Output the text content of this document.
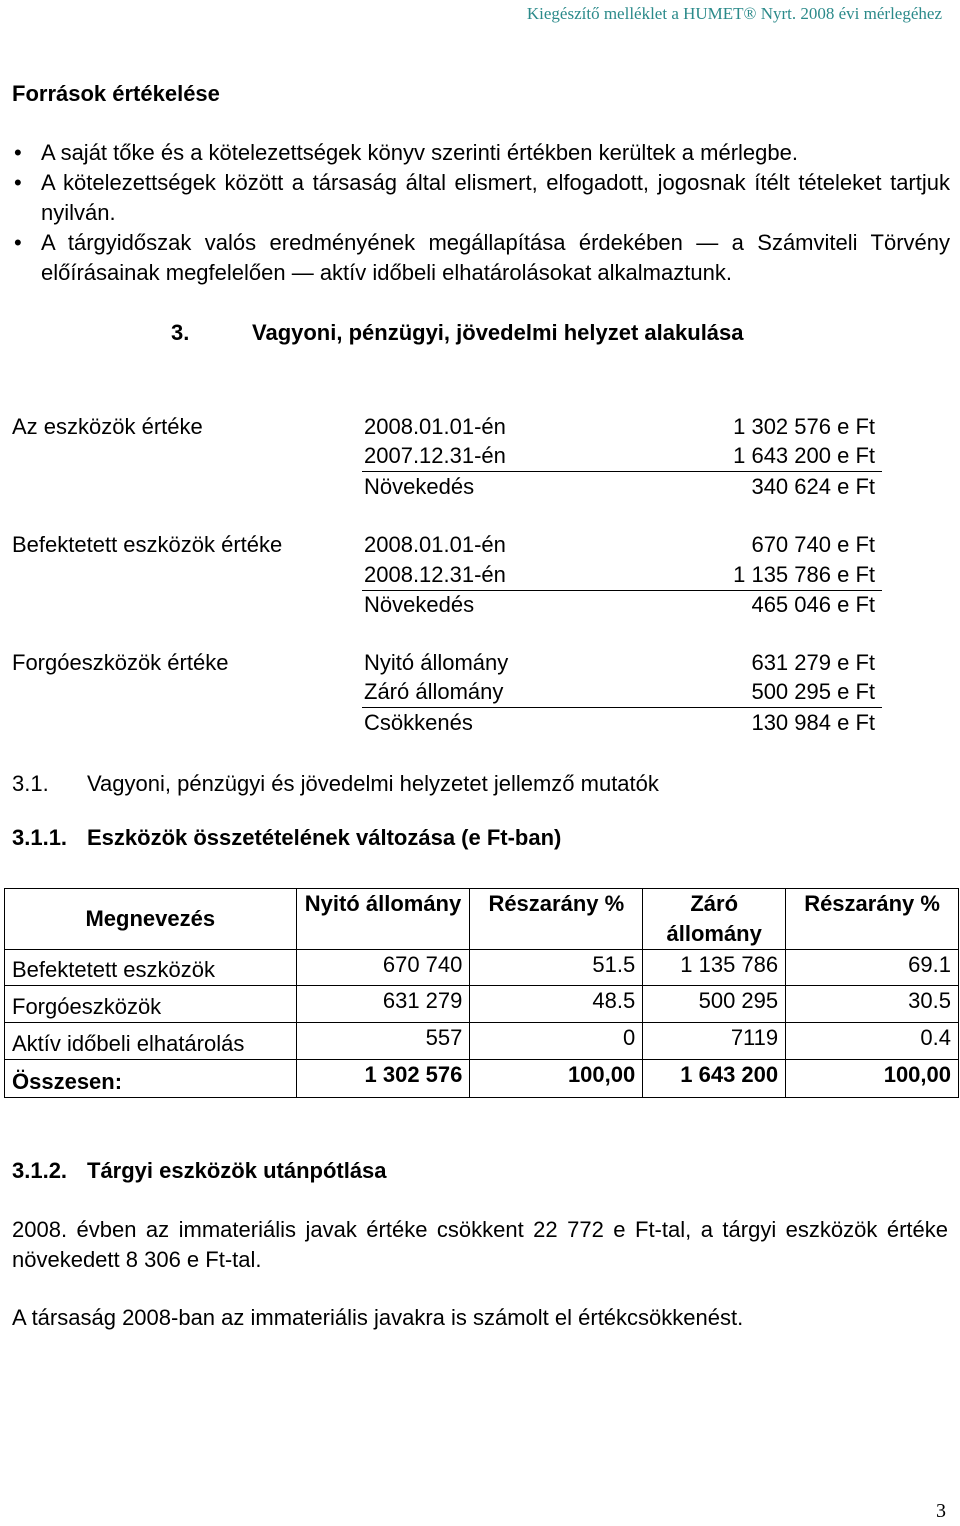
Kiegészítő melléklet a HUMET® Nyrt. 2008 évi mérlegéhez
Források értékelése
• A saját tőke és a kötelezettségek könyv szerinti értékben kerültek a mérlegbe.
• A kötelezettségek között a társaság által elismert, elfogadott, jogosnak ítélt tételeket tartjuk nyilván.
• A tárgyidőszak valós eredményének megállapítása érdekében — a Számviteli Törvény előírásainak megfelelően — aktív időbeli elhatárolásokat alkalmaztunk.
3.	Vagyoni, pénzügyi, jövedelmi helyzet alakulása
Az eszközök értéke	2008.01.01-én	1 302 576 e Ft
2007.12.31-én	1 643 200 e Ft
Növekedés	340 624 e Ft
Befektetett eszközök értéke	2008.01.01-én	670 740 e Ft
2008.12.31-én	1 135 786 e Ft
Növekedés	465 046 e Ft
Forgóeszközök értéke	Nyitó állomány	631 279 e Ft
Záró állomány	500 295 e Ft
Csökkenés	130 984 e Ft
3.1. Vagyoni, pénzügyi és jövedelmi helyzetet jellemző mutatók
3.1.1. Eszközök összetételének változása (e Ft-ban)
Megnevezés	Nyitó állomány	Részarány %	Záró állomány	Részarány %
Befektetett eszközök	670 740	51.5	1 135 786	69.1
Forgóeszközök	631 279	48.5	500 295	30.5
Aktív időbeli elhatárolás	557	0	7119	0.4
Összesen:	1 302 576	100,00	1 643 200	100,00
3.1.2. Tárgyi eszközök utánpótlása
2008. évben az immateriális javak értéke csökkent 22 772 e Ft-tal, a tárgyi eszközök értéke növekedett 8 306 e Ft-tal.
A társaság 2008-ban az immateriális javakra is számolt el értékcsökkenést.
3
